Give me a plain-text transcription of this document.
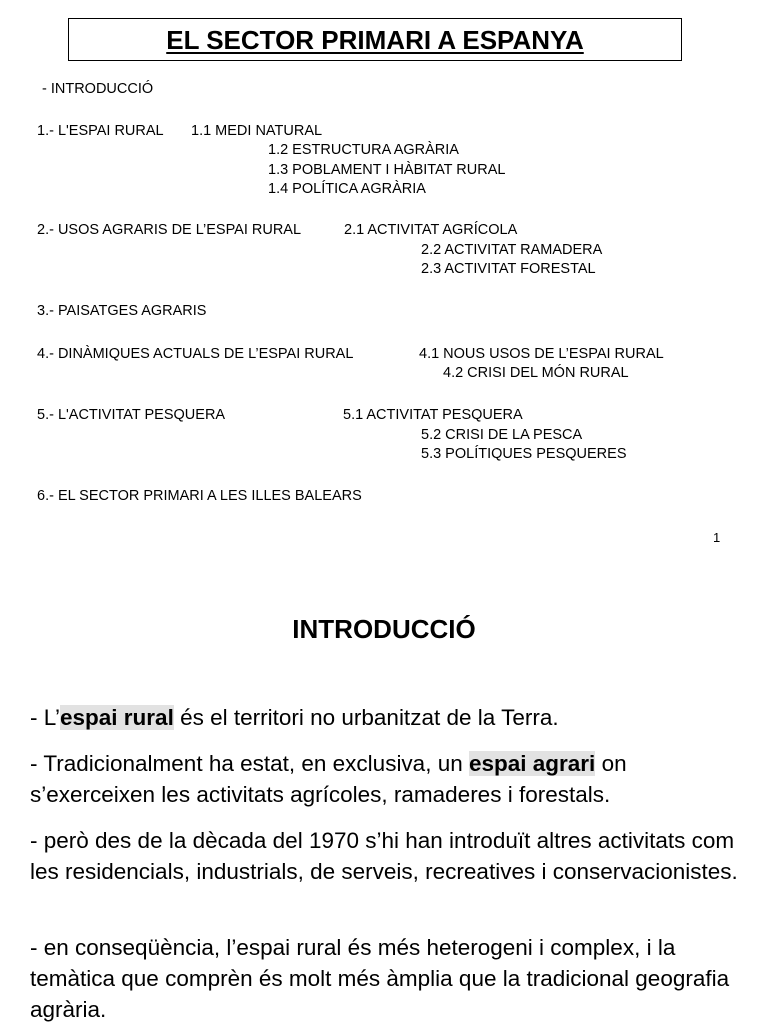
EL SECTOR PRIMARI A ESPANYA
- INTRODUCCIÓ
1.- L'ESPAI RURAL 1.1 MEDI NATURAL
1.2 ESTRUCTURA AGRÀRIA
1.3 POBLAMENT I HÀBITAT RURAL
1.4 POLÍTICA AGRÀRIA
2.- USOS AGRARIS DE L’ESPAI RURAL	2.1 ACTIVITAT AGRÍCOLA
2.2 ACTIVITAT RAMADERA
2.3 ACTIVITAT FORESTAL
3.- PAISATGES AGRARIS
4.- DINÀMIQUES ACTUALS DE L’ESPAI RURAL	4.1 NOUS USOS DE L’ESPAI RURAL
4.2 CRISI DEL MÓN RURAL
5.- L'ACTIVITAT PESQUERA	5.1 ACTIVITAT PESQUERA
5.2 CRISI DE LA PESCA
5.3 POLÍTIQUES PESQUERES
6.- EL SECTOR PRIMARI A LES ILLES BALEARS
1
INTRODUCCIÓ
- L’espai rural és el territori no urbanitzat de la Terra.
- Tradicionalment ha estat, en exclusiva, un espai agrari on s’exerceixen les activitats agrícoles, ramaderes i forestals.
- però des de la dècada del 1970 s’hi han introduït altres activitats com les residencials, industrials, de serveis, recreatives i conservacionistes.
- en conseqüència, l’espai rural és més heterogeni i complex, i la temàtica que comprèn és molt més àmplia que la tradicional geografia agrària.
